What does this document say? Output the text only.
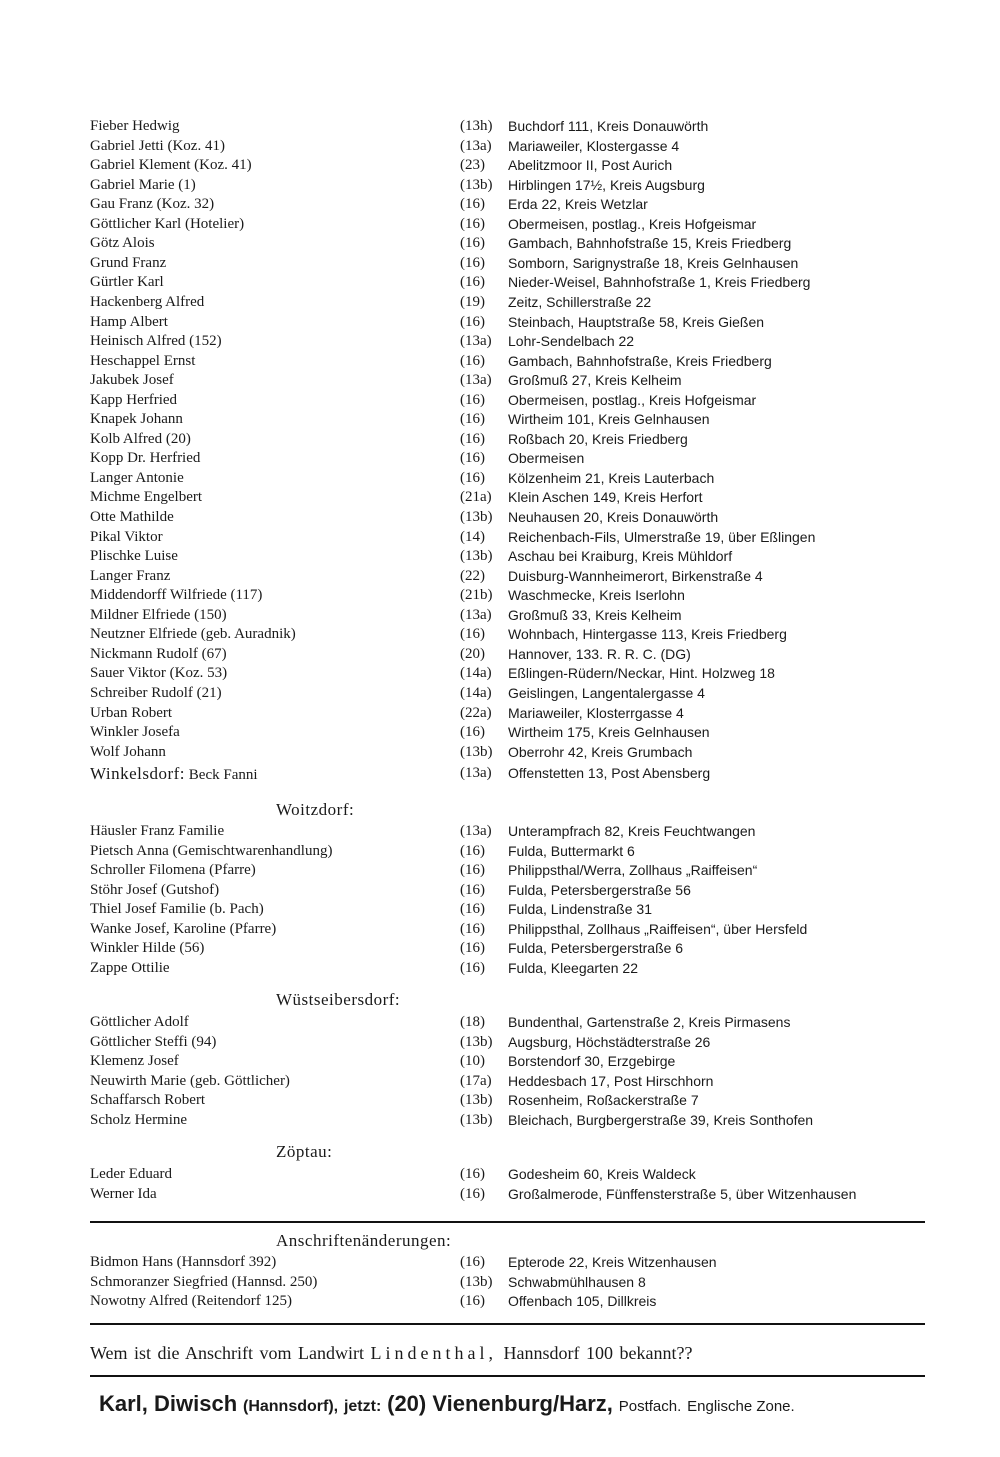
Fieber Hedwig	(13h) Buchdorf 111, Kreis Donauwörth
Gabriel Jetti (Koz. 41)	(13a) Mariaweiler, Klostergasse 4
Gabriel Klement (Koz. 41)	(23) Abelitzmoor II, Post Aurich
Gabriel Marie (1)	(13b) Hirblingen 17½, Kreis Augsburg
Gau Franz (Koz. 32)	(16) Erda 22, Kreis Wetzlar
Göttlicher Karl (Hotelier)	(16) Obermeisen, postlag., Kreis Hofgeismar
Götz Alois	(16) Gambach, Bahnhofstraße 15, Kreis Friedberg
Grund Franz	(16) Somborn, Sarignystraße 18, Kreis Gelnhausen
Gürtler Karl	(16) Nieder-Weisel, Bahnhofstraße 1, Kreis Friedberg
Hackenberg Alfred	(19) Zeitz, Schillerstraße 22
Hamp Albert	(16) Steinbach, Hauptstraße 58, Kreis Gießen
Heinisch Alfred (152)	(13a) Lohr-Sendelbach 22
Heschappel Ernst	(16) Gambach, Bahnhofstraße, Kreis Friedberg
Jakubek Josef	(13a) Großmuß 27, Kreis Kelheim
Kapp Herfried	(16) Obermeisen, postlag., Kreis Hofgeismar
Knapek Johann	(16) Wirtheim 101, Kreis Gelnhausen
Kolb Alfred (20)	(16) Roßbach 20, Kreis Friedberg
Kopp Dr. Herfried	(16) Obermeisen
Langer Antonie	(16) Kölzenheim 21, Kreis Lauterbach
Michme Engelbert	(21a) Klein Aschen 149, Kreis Herfort
Otte Mathilde	(13b) Neuhausen 20, Kreis Donauwörth
Pikal Viktor	(14) Reichenbach-Fils, Ulmerstraße 19, über Eßlingen
Plischke Luise	(13b) Aschau bei Kraiburg, Kreis Mühldorf
Langer Franz	(22) Duisburg-Wannheimerort, Birkenstraße 4
Middendorff Wilfriede (117)	(21b) Waschmecke, Kreis Iserlohn
Mildner Elfriede (150)	(13a) Großmuß 33, Kreis Kelheim
Neutzner Elfriede (geb. Auradnik)	(16) Wohnbach, Hintergasse 113, Kreis Friedberg
Nickmann Rudolf (67)	(20) Hannover, 133. R. R. C. (DG)
Sauer Viktor (Koz. 53)	(14a) Eßlingen-Rüdern/Neckar, Hint. Holzweg 18
Schreiber Rudolf (21)	(14a) Geislingen, Langentalergasse 4
Urban Robert	(22a) Mariaweiler, Klosterrgasse 4
Winkler Josefa	(16) Wirtheim 175, Kreis Gelnhausen
Wolf Johann	(13b) Oberrohr 42, Kreis Grumbach
Winkelsdorf: Beck Fanni	(13a) Offenstetten 13, Post Abensberg
Woitzdorf:
Häusler Franz Familie	(13a) Unterampfrach 82, Kreis Feuchtwangen
Pietsch Anna (Gemischtwarenhandlung)	(16) Fulda, Buttermarkt 6
Schroller Filomena (Pfarre)	(16) Philippsthal/Werra, Zollhaus „Raiffeisen“
Stöhr Josef (Gutshof)	(16) Fulda, Petersbergerstraße 56
Thiel Josef Familie (b. Pach)	(16) Fulda, Lindenstraße 31
Wanke Josef, Karoline (Pfarre)	(16) Philippsthal, Zollhaus „Raiffeisen“, über Hersfeld
Winkler Hilde (56)	(16) Fulda, Petersbergerstraße 6
Zappe Ottilie	(16) Fulda, Kleegarten 22
Wüstseibersdorf:
Göttlicher Adolf	(18) Bundenthal, Gartenstraße 2, Kreis Pirmasens
Göttlicher Steffi (94)	(13b) Augsburg, Höchstädterstraße 26
Klemenz Josef	(10) Borstendorf 30, Erzgebirge
Neuwirth Marie (geb. Göttlicher)	(17a) Heddesbach 17, Post Hirschhorn
Schaffarsch Robert	(13b) Rosenheim, Roßackerstraße 7
Scholz Hermine	(13b) Bleichach, Burgbergerstraße 39, Kreis Sonthofen
Zöptau:
Leder Eduard	(16) Godesheim 60, Kreis Waldeck
Werner Ida	(16) Großalmerode, Fünffensterstraße 5, über Witzenhausen
Anschriftenänderungen:
Bidmon Hans (Hannsdorf 392)	(16) Epterode 22, Kreis Witzenhausen
Schmoranzer Siegfried (Hannsd. 250)	(13b) Schwabmühlhausen 8
Nowotny Alfred (Reitendorf 125)	(16) Offenbach 105, Dillkreis
Wem ist die Anschrift vom Landwirt Lindenthal, Hannsdorf 100 bekannt??
Karl, Diwisch (Hannsdorf), jetzt: (20) Vienenburg/Harz, Postfach. Englische Zone.
